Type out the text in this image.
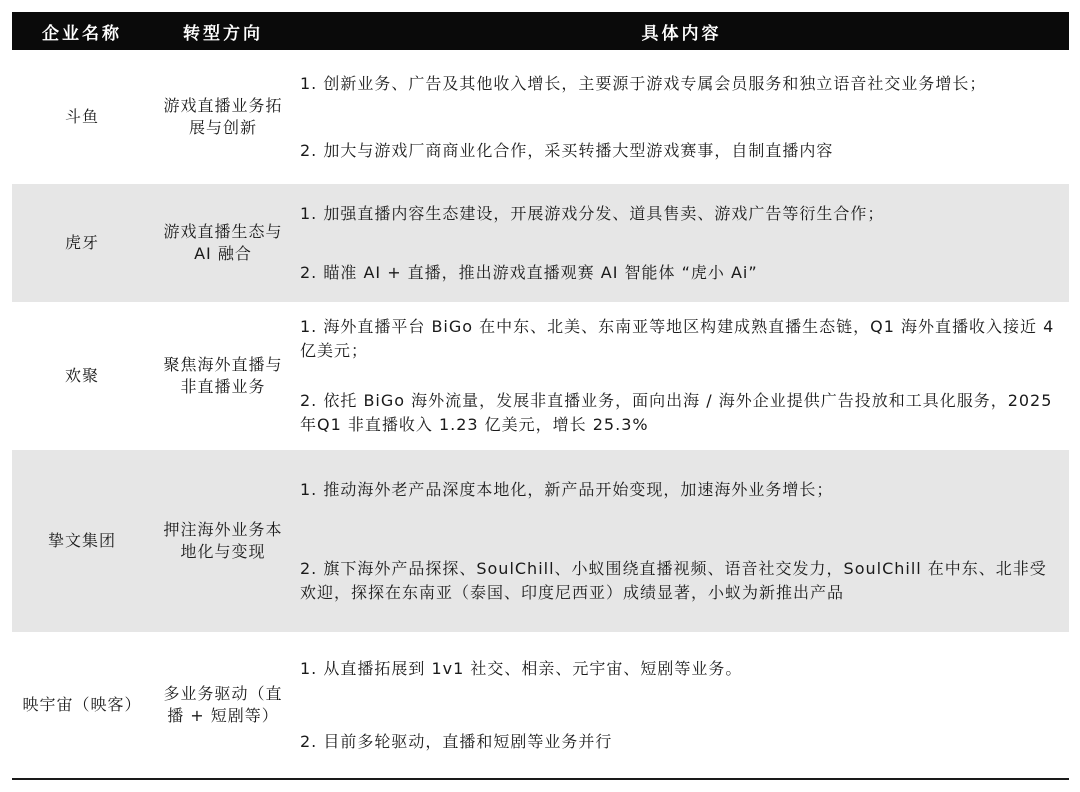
企业名称	转型方向	具体内容
斗鱼
游戏直播业务拓展与创新

1. 创新业务、广告及其他收入增长，主要源于游戏专属会员服务和独立语音社交业务增长；

2. 加大与游戏厂商商业化合作，采买转播大型游戏赛事，自制直播内容

虎牙
游戏直播生态与 AI 融合

1. 加强直播内容生态建设，开展游戏分发、道具售卖、游戏广告等衍生合作；

2. 瞄准 AI + 直播，推出游戏直播观赛 AI 智能体 “虎小 Ai”

欢聚
聚焦海外直播与非直播业务

1. 海外直播平台 BiGo 在中东、北美、东南亚等地区构建成熟直播生态链，Q1 海外直播收入接近 4 亿美元；

2. 依托 BiGo 海外流量，发展非直播业务，面向出海 / 海外企业提供广告投放和工具化服务，2025年Q1 非直播收入 1.23 亿美元，增长 25.3%

挚文集团
押注海外业务本地化与变现

1. 推动海外老产品深度本地化，新产品开始变现，加速海外业务增长；

2. 旗下海外产品探探、SoulChill、小蚁围绕直播视频、语音社交发力，SoulChill 在中东、北非受欢迎，探探在东南亚（泰国、印度尼西亚）成绩显著，小蚁为新推出产品

映宇宙（映客）
多业务驱动（直播 + 短剧等）

1. 从直播拓展到 1v1 社交、相亲、元宇宙、短剧等业务。

2. 目前多轮驱动，直播和短剧等业务并行
